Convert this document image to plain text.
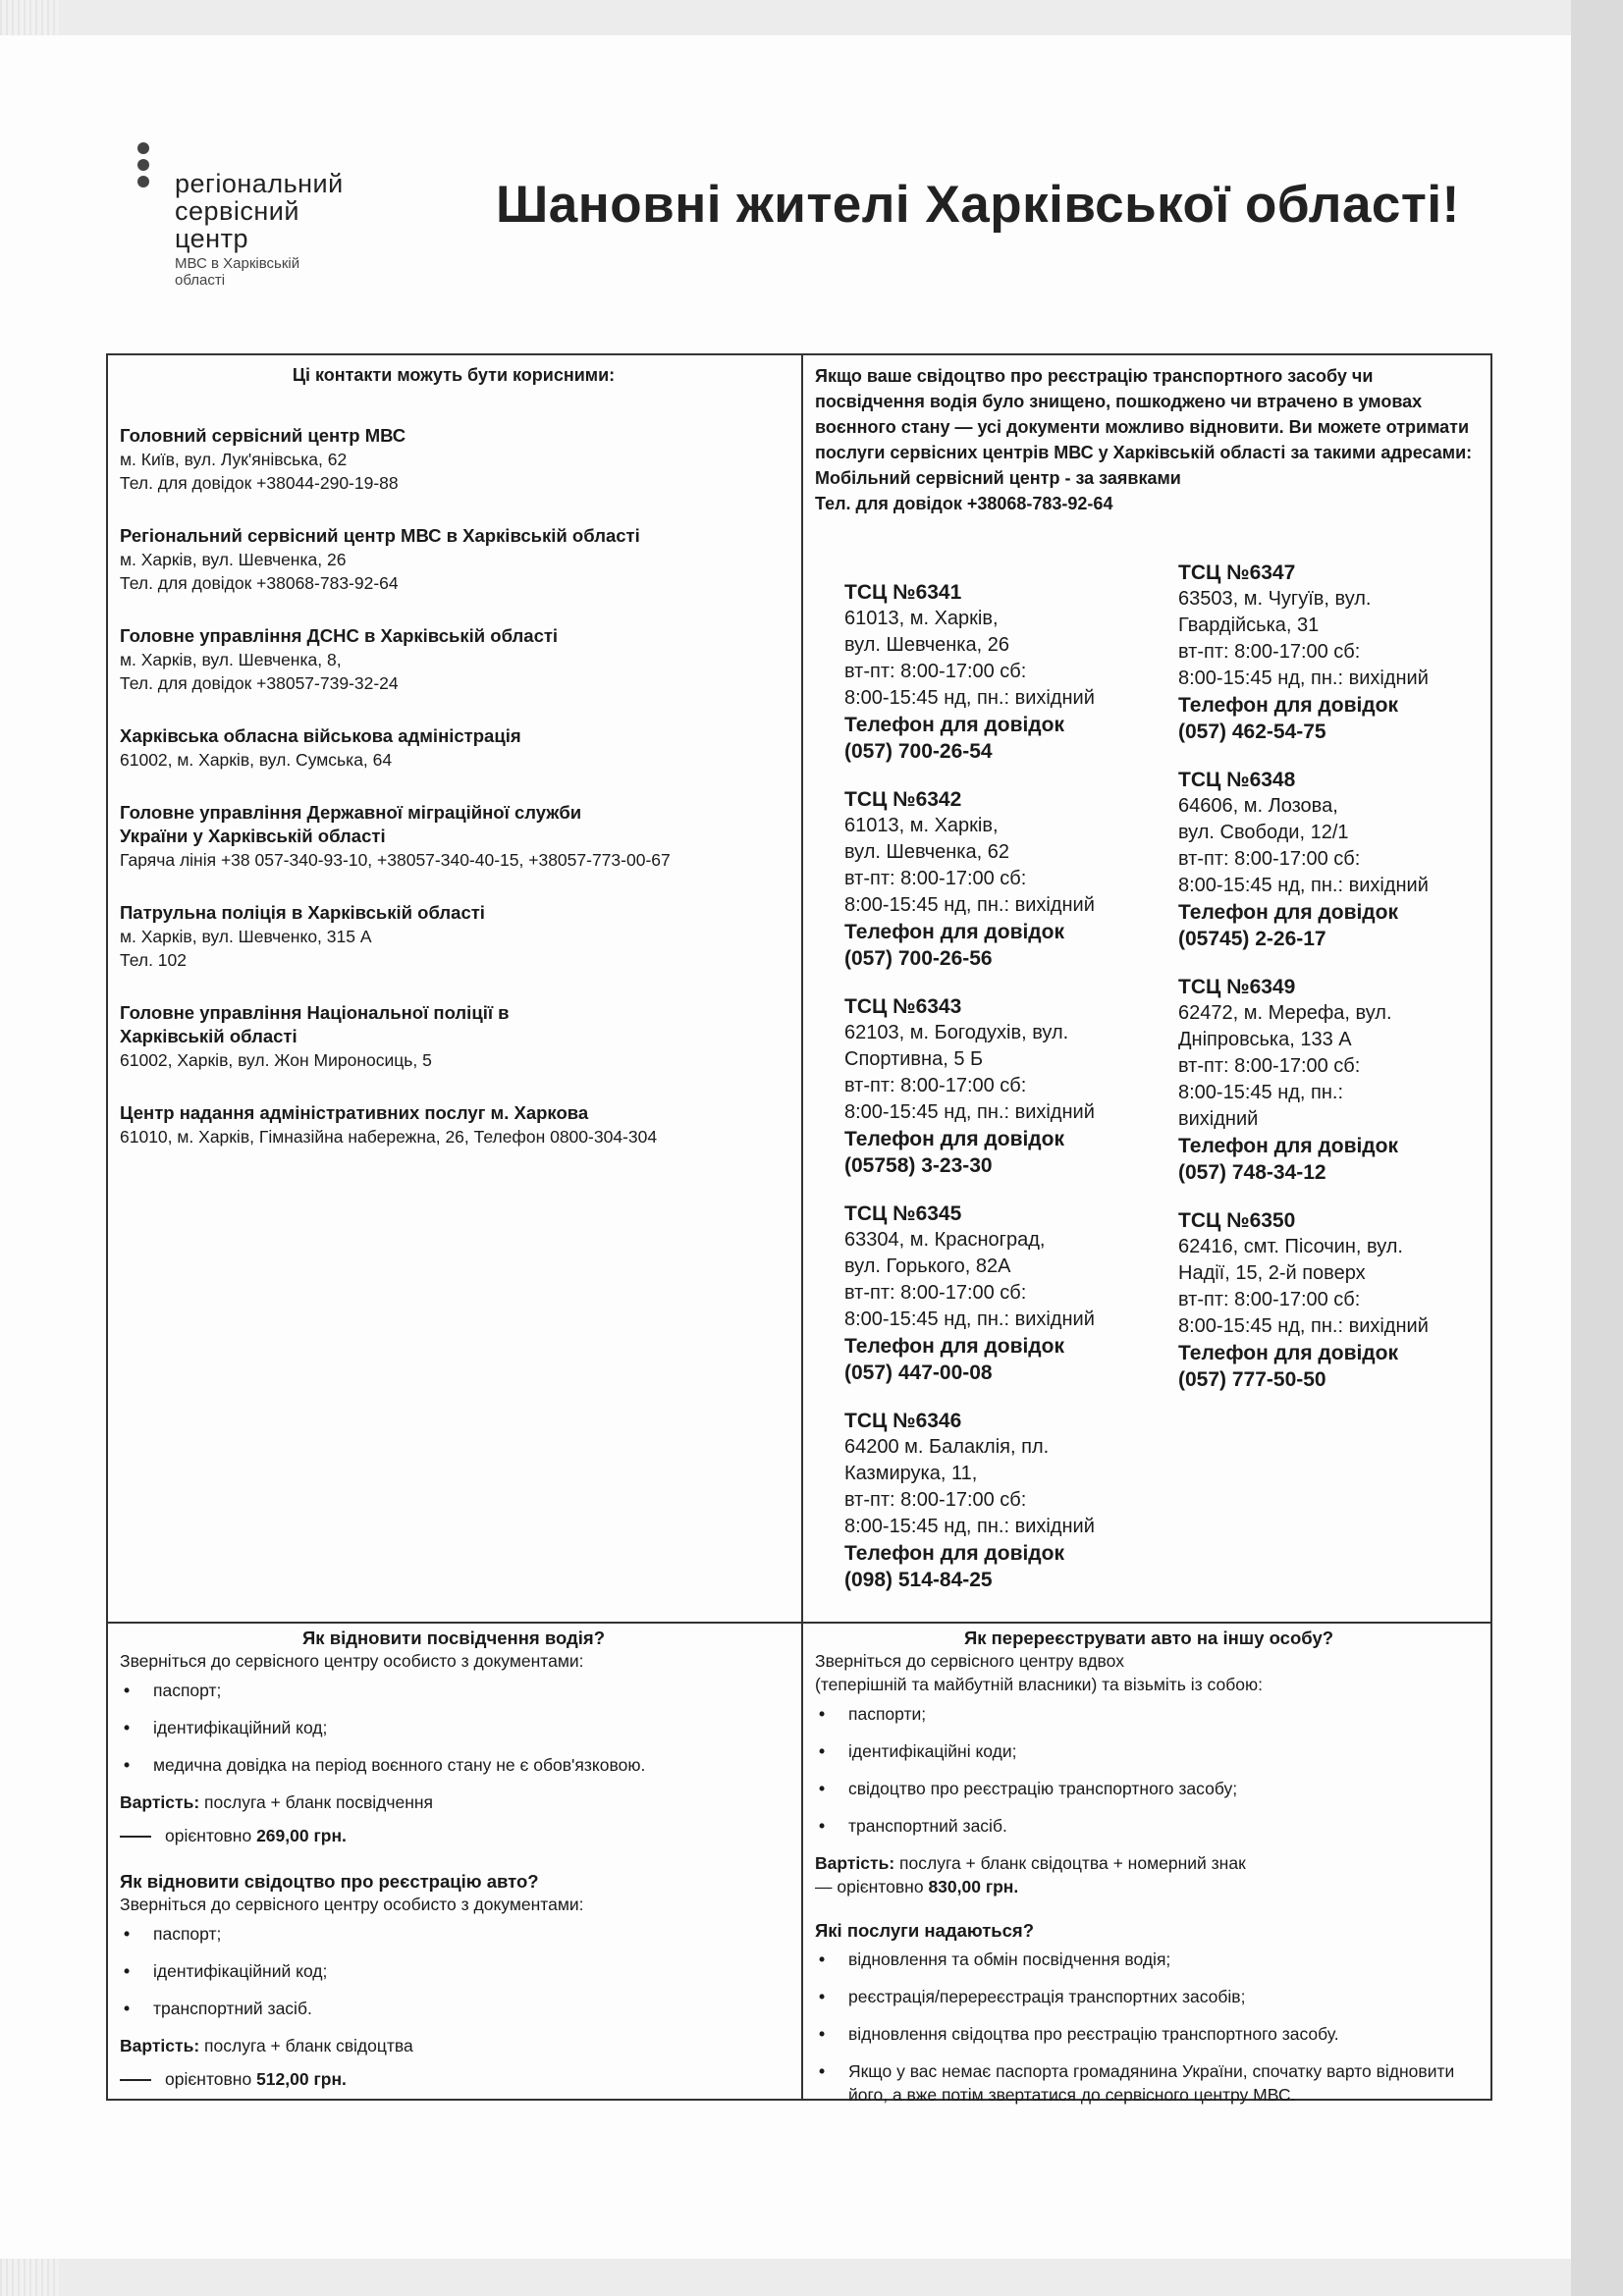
регіональний
сервісний
центр
МВС в Харківській
області
Шановні жителі Харківської області!
Ці контакти можуть бути корисними:
Головний сервісний центр МВС
м. Київ, вул. Лук'янівська, 62
Тел. для довідок +38044-290-19-88
Регіональний сервісний центр МВС в Харківській області
м. Харків, вул. Шевченка, 26
Тел. для довідок +38068-783-92-64
Головне управління ДСНС в Харківській області
м. Харків, вул. Шевченка, 8,
Тел. для довідок +38057-739-32-24
Харківська обласна військова адміністрація
61002, м. Харків, вул. Сумська, 64
Головне управління Державної міграційної служби
України у Харківській області
Гаряча лінія +38 057-340-93-10, +38057-340-40-15, +38057-773-00-67
Патрульна поліція в Харківській області
м. Харків, вул. Шевченко, 315 А
Тел. 102
Головне управління Національної поліції в
Харківській області
61002, Харків, вул. Жон Мироносиць, 5
Центр надання адміністративних послуг м. Харкова
61010, м. Харків, Гімназійна набережна, 26, Телефон 0800-304-304
Якщо ваше свідоцтво про реєстрацію транспортного засобу чи посвідчення водія було знищено, пошкоджено чи втрачено в умовах воєнного стану — усі документи можливо відновити. Ви можете отримати послуги сервісних центрів МВС у Харківській області за такими адресами:
Мобільний сервісний центр - за заявками
Тел. для довідок +38068-783-92-64
ТСЦ №6341
61013, м. Харків,
вул. Шевченка, 26
вт-пт: 8:00-17:00 сб:
8:00-15:45 нд, пн.: вихідний
Телефон для довідок
(057) 700-26-54
ТСЦ №6342
61013, м. Харків,
вул. Шевченка, 62
вт-пт: 8:00-17:00 сб:
8:00-15:45 нд, пн.: вихідний
Телефон для довідок
(057) 700-26-56
ТСЦ №6343
62103, м. Богодухів, вул.
Спортивна, 5 Б
вт-пт: 8:00-17:00 сб:
8:00-15:45 нд, пн.: вихідний
Телефон для довідок
(05758) 3-23-30
ТСЦ №6345
63304, м. Красноград,
вул. Горького, 82А
вт-пт: 8:00-17:00 сб:
8:00-15:45 нд, пн.: вихідний
Телефон для довідок
(057) 447-00-08
ТСЦ №6346
64200 м. Балаклія, пл.
Казмирука, 11,
вт-пт: 8:00-17:00 сб:
8:00-15:45 нд, пн.: вихідний
Телефон для довідок
(098) 514-84-25
ТСЦ №6347
63503, м. Чугуїв, вул.
Гвардійська, 31
вт-пт: 8:00-17:00 сб:
8:00-15:45 нд, пн.: вихідний
Телефон для довідок
(057) 462-54-75
ТСЦ №6348
64606, м. Лозова,
вул. Свободи, 12/1
вт-пт: 8:00-17:00 сб:
8:00-15:45 нд, пн.: вихідний
Телефон для довідок
(05745) 2-26-17
ТСЦ №6349
62472, м. Мерефа, вул.
Дніпровська, 133 А
вт-пт: 8:00-17:00 сб:
8:00-15:45 нд, пн.:
вихідний
Телефон для довідок
(057) 748-34-12
ТСЦ №6350
62416, смт. Пісочин, вул.
Надії, 15, 2-й поверх
вт-пт: 8:00-17:00 сб:
8:00-15:45 нд, пн.: вихідний
Телефон для довідок
(057) 777-50-50
Як відновити посвідчення водія?
Зверніться до сервісного центру особисто з документами:
• паспорт;
• ідентифікаційний код;
• медична довідка на період воєнного стану не є обов'язковою.
Вартість: послуга + бланк посвідчення
орієнтовно 269,00 грн.
Як відновити свідоцтво про реєстрацію авто?
Зверніться до сервісного центру особисто з документами:
• паспорт;
• ідентифікаційний код;
• транспортний засіб.
Вартість: послуга + бланк свідоцтва
орієнтовно 512,00 грн.
Як перереєструвати авто на іншу особу?
Зверніться до сервісного центру вдвох
(теперішній та майбутній власники) та візьміть із собою:
• паспорти;
• ідентифікаційні коди;
• свідоцтво про реєстрацію транспортного засобу;
• транспортний засіб.
Вартість: послуга + бланк свідоцтва + номерний знак
— орієнтовно 830,00 грн.
Які послуги надаються?
• відновлення та обмін посвідчення водія;
• реєстрація/перереєстрація транспортних засобів;
• відновлення свідоцтва про реєстрацію транспортного засобу.
• Якщо у вас немає паспорта громадянина України, спочатку варто відновити його, а вже потім звертатися до сервісного центру МВС.
